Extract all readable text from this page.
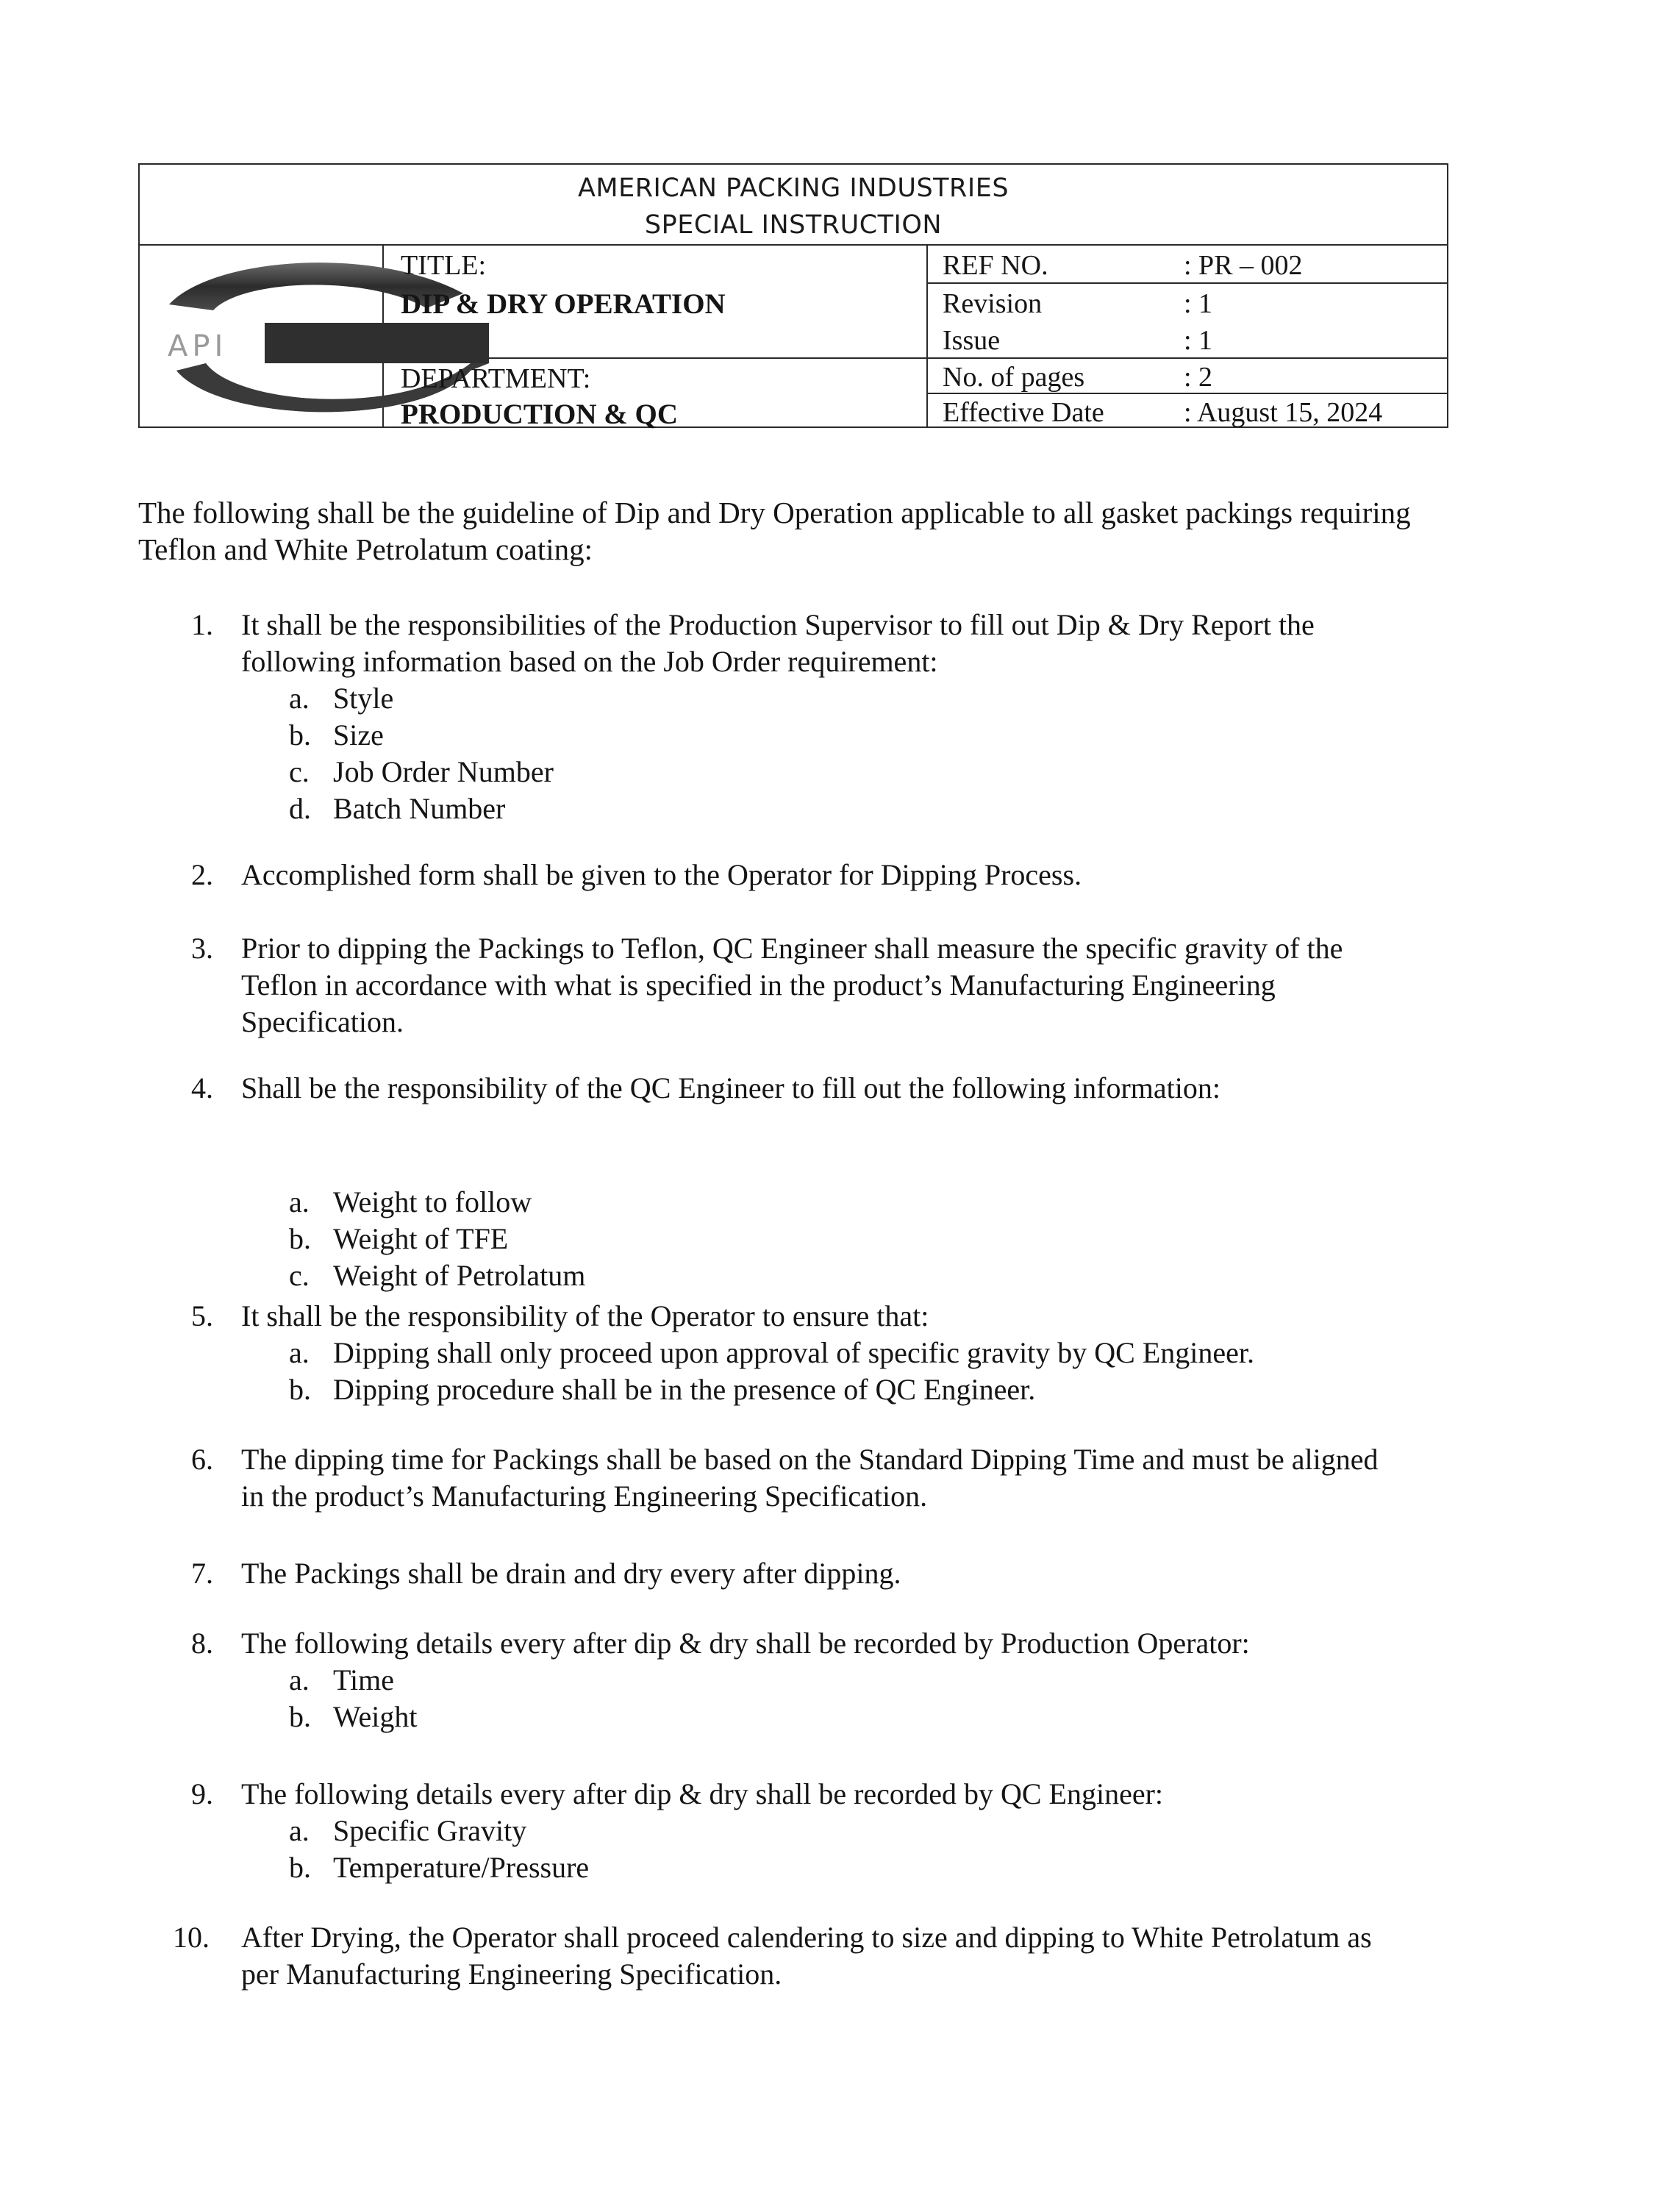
AMERICAN PACKING INDUSTRIES
SPECIAL INSTRUCTION
API
TITLE:
DIP & DRY OPERATION
DEPARTMENT:
PRODUCTION & QC
REF NO.	: PR – 002
Revision	: 1
Issue	: 1
No. of pages	: 2
Effective Date	: August 15, 2024
The following shall be the guideline of Dip and Dry Operation applicable to all gasket packings requiring Teflon and White Petrolatum coating:
1. It shall be the responsibilities of the Production Supervisor to fill out Dip & Dry Report the
following information based on the Job Order requirement:
a. Style
b. Size
c. Job Order Number
d. Batch Number
2. Accomplished form shall be given to the Operator for Dipping Process.
3. Prior to dipping the Packings to Teflon, QC Engineer shall measure the specific gravity of the
Teflon in accordance with what is specified in the product’s Manufacturing Engineering
Specification.
4. Shall be the responsibility of the QC Engineer to fill out the following information:
a. Weight to follow
b. Weight of TFE
c. Weight of Petrolatum
5. It shall be the responsibility of the Operator to ensure that:
a. Dipping shall only proceed upon approval of specific gravity by QC Engineer.
b. Dipping procedure shall be in the presence of QC Engineer.
6. The dipping time for Packings shall be based on the Standard Dipping Time and must be aligned
in the product’s Manufacturing Engineering Specification.
7. The Packings shall be drain and dry every after dipping.
8. The following details every after dip & dry shall be recorded by Production Operator:
a. Time
b. Weight
9. The following details every after dip & dry shall be recorded by QC Engineer:
a. Specific Gravity
b. Temperature/Pressure
10. After Drying, the Operator shall proceed calendering to size and dipping to White Petrolatum as
per Manufacturing Engineering Specification.
